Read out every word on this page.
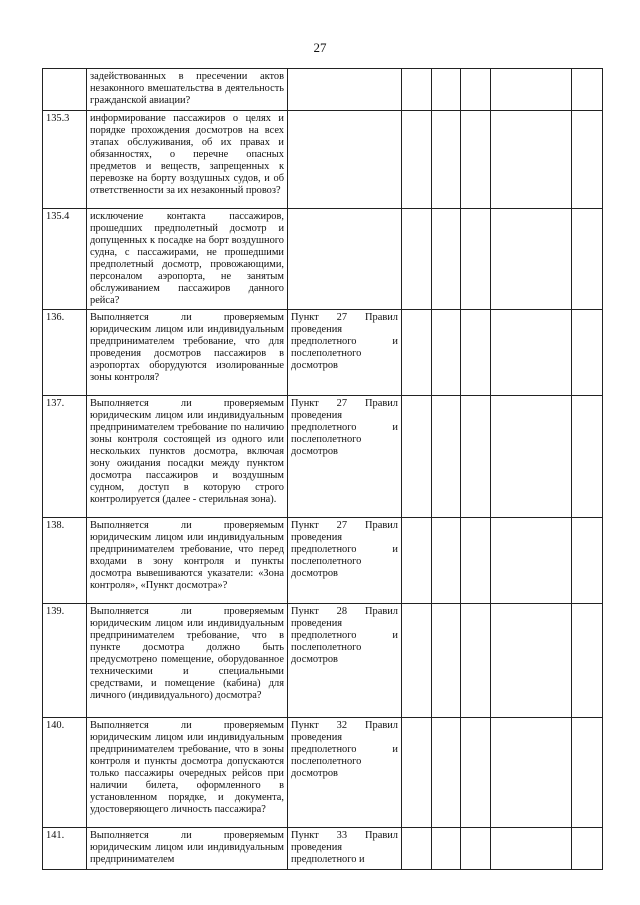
27
	задействованных в пресечении актов незаконного вмешательства в деятельность гражданской авиации?						
135.3	информирование пассажиров о целях и порядке прохождения досмотров на всех этапах обслуживания, об их правах и обязанностях, о перечне опасных предметов и веществ, запрещенных к перевозке на борту воздушных судов, и об ответственности за их незаконный провоз?						
135.4	исключение контакта пассажиров, прошедших предполетный досмотр и допущенных к посадке на борт воздушного судна, с пассажирами, не прошедшими предполетный досмотр, провожающими, персоналом аэропорта, не занятым обслуживанием пассажиров данного рейса?						
136.	Выполняется ли проверяемым юридическим лицом или индивидуальным предпринимателем требование, что для проведения досмотров пассажиров в аэропортах оборудуются изолированные зоны контроля?	Пункт 27 Правил проведения предполетного и послеполетного досмотров					
137.	Выполняется ли проверяемым юридическим лицом или индивидуальным предпринимателем требование по наличию зоны контроля состоящей из одного или нескольких пунктов досмотра, включая зону ожидания посадки между пунктом досмотра пассажиров и воздушным судном, доступ в которую строго контролируется (далее - стерильная зона).	Пункт 27 Правил проведения предполетного и послеполетного досмотров					
138.	Выполняется ли проверяемым юридическим лицом или индивидуальным предпринимателем требование, что перед входами в зону контроля и пункты досмотра вывешиваются указатели: «Зона контроля», «Пункт досмотра»?	Пункт 27 Правил проведения предполетного и послеполетного досмотров					
139.	Выполняется ли проверяемым юридическим лицом или индивидуальным предпринимателем требование, что в пункте досмотра должно быть предусмотрено помещение, оборудованное техническими и специальными средствами, и помещение (кабина) для личного (индивидуального) досмотра?	Пункт 28 Правил проведения предполетного и послеполетного досмотров					
140.	Выполняется ли проверяемым юридическим лицом или индивидуальным предпринимателем требование, что в зоны контроля и пункты досмотра допускаются только пассажиры очередных рейсов при наличии билета, оформленного в установленном порядке, и документа, удостоверяющего личность пассажира?	Пункт 32 Правил проведения предполетного и послеполетного досмотров					
141.	Выполняется ли проверяемым юридическим лицом или индивидуальным предпринимателем	Пункт 33 Правил проведения предполетного и					
